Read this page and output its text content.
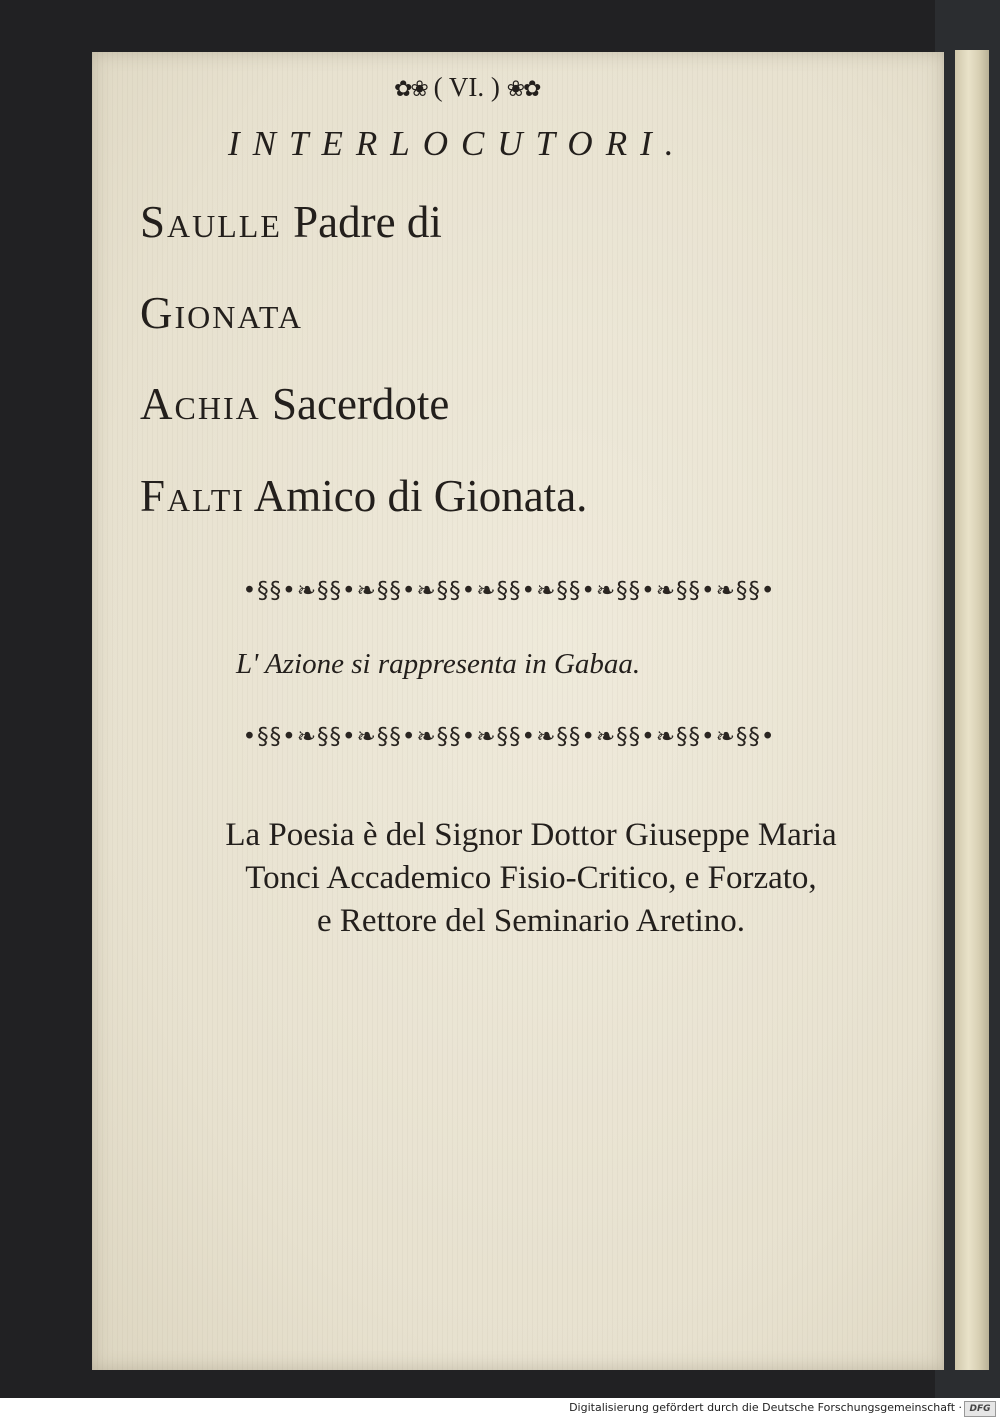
✿❀ ( VI. ) ❀✿
INTERLOCUTORI.
Saulle Padre di
Gionata
Achia Sacerdote
Falti Amico di Gionata.
•§§•❧§§•❧§§•❧§§•❧§§•❧§§•❧§§•❧§§•❧§§•
L' Azione si rappresenta in Gabaa.
•§§•❧§§•❧§§•❧§§•❧§§•❧§§•❧§§•❧§§•❧§§•
La Poesia è del Signor Dottor Giuseppe Maria
Tonci Accademico Fisio-Critico, e Forzato,
e Rettore del Seminario Aretino.
Digitalisierung gefördert durch die Deutsche Forschungsgemeinschaft · DFG
